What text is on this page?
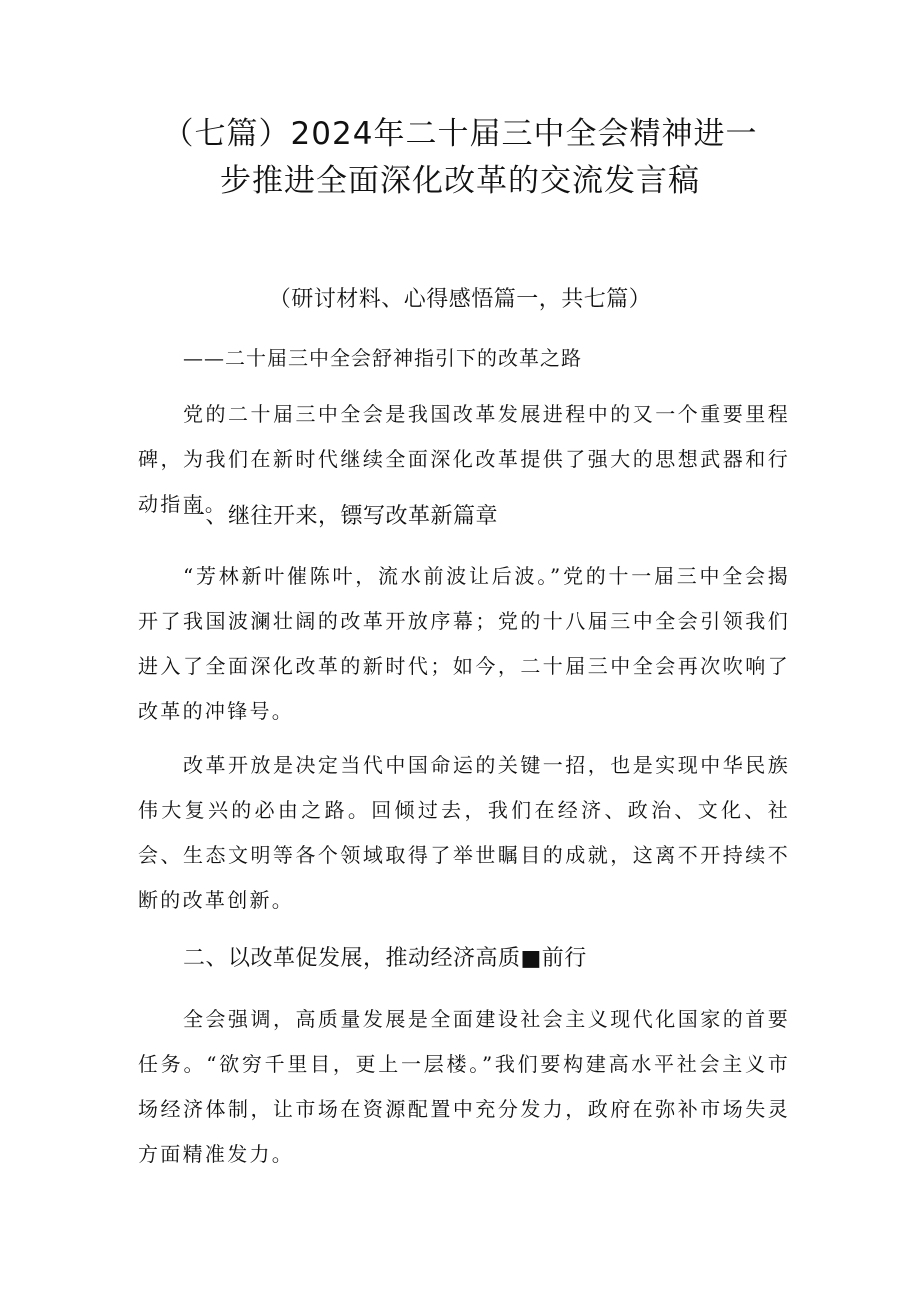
（七篇）2024年二十届三中全会精神进一
步推进全面深化改革的交流发言稿
（研讨材料、心得感悟篇一，共七篇）
——二十届三中全会舒神指引下的改革之路

党的二十届三中全会是我国改革发展进程中的又一个重要里程碑，为我们在新时代继续全面深化改革提供了强大的思想武器和行动指南。

一、继往开来，镖写改革新篇章

“芳林新叶催陈叶，流水前波让后波。”党的十一届三中全会揭开了我国波澜壮阔的改革开放序幕；党的十八届三中全会引领我们进入了全面深化改革的新时代；如今，二十届三中全会再次吹响了改革的冲锋号。

改革开放是决定当代中国命运的关键一招，也是实现中华民族伟大复兴的必由之路。回倾过去，我们在经济、政治、文化、社会、生态文明等各个领域取得了举世瞩目的成就，这离不开持续不断的改革创新。

二、以改革促发展，推动经济高质■前行

全会强调，高质量发展是全面建设社会主义现代化国家的首要任务。“欲穷千里目，更上一层楼。”我们要构建高水平社会主义市场经济体制，让市场在资源配置中充分发力，政府在弥补市场失灵方面精准发力。
